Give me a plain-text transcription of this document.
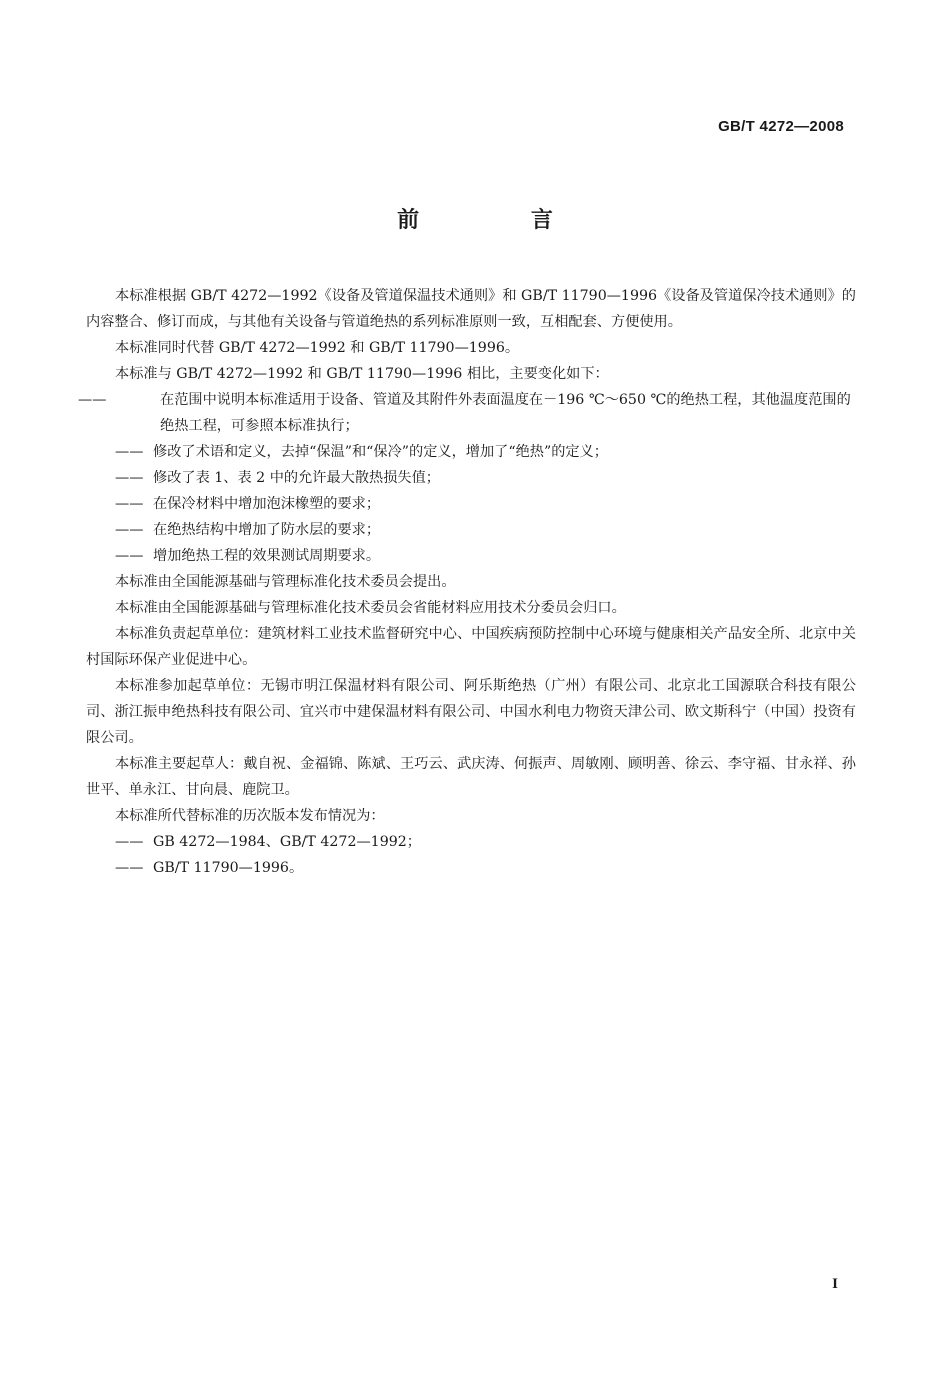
GB/T 4272—2008
前 言

本标准根据 GB/T 4272—1992《设备及管道保温技术通则》和 GB/T 11790—1996《设备及管道保冷技术通则》的内容整合、修订而成，与其他有关设备与管道绝热的系列标准原则一致，互相配套、方便使用。

本标准同时代替 GB/T 4272—1992 和 GB/T 11790—1996。

本标准与 GB/T 4272—1992 和 GB/T 11790—1996 相比，主要变化如下：

——	在范围中说明本标准适用于设备、管道及其附件外表面温度在－196 ℃～650 ℃的绝热工程，其他温度范围的绝热工程，可参照本标准执行；

—— 修改了术语和定义，去掉“保温”和“保冷”的定义，增加了“绝热”的定义；

—— 修改了表 1、表 2 中的允许最大散热损失值；

—— 在保冷材料中增加泡沫橡塑的要求；

—— 在绝热结构中增加了防水层的要求；

—— 增加绝热工程的效果测试周期要求。

本标准由全国能源基础与管理标准化技术委员会提出。

本标准由全国能源基础与管理标准化技术委员会省能材料应用技术分委员会归口。

本标准负责起草单位：建筑材料工业技术监督研究中心、中国疾病预防控制中心环境与健康相关产品安全所、北京中关村国际环保产业促进中心。

本标准参加起草单位：无锡市明江保温材料有限公司、阿乐斯绝热（广州）有限公司、北京北工国源联合科技有限公司、浙江振申绝热科技有限公司、宜兴市中建保温材料有限公司、中国水利电力物资天津公司、欧文斯科宁（中国）投资有限公司。

本标准主要起草人：戴自祝、金福锦、陈斌、王巧云、武庆涛、何振声、周敏刚、顾明善、徐云、李守福、甘永祥、孙世平、单永江、甘向晨、鹿院卫。

本标准所代替标准的历次版本发布情况为：

—— GB 4272—1984、GB/T 4272—1992；

—— GB/T 11790—1996。

I
